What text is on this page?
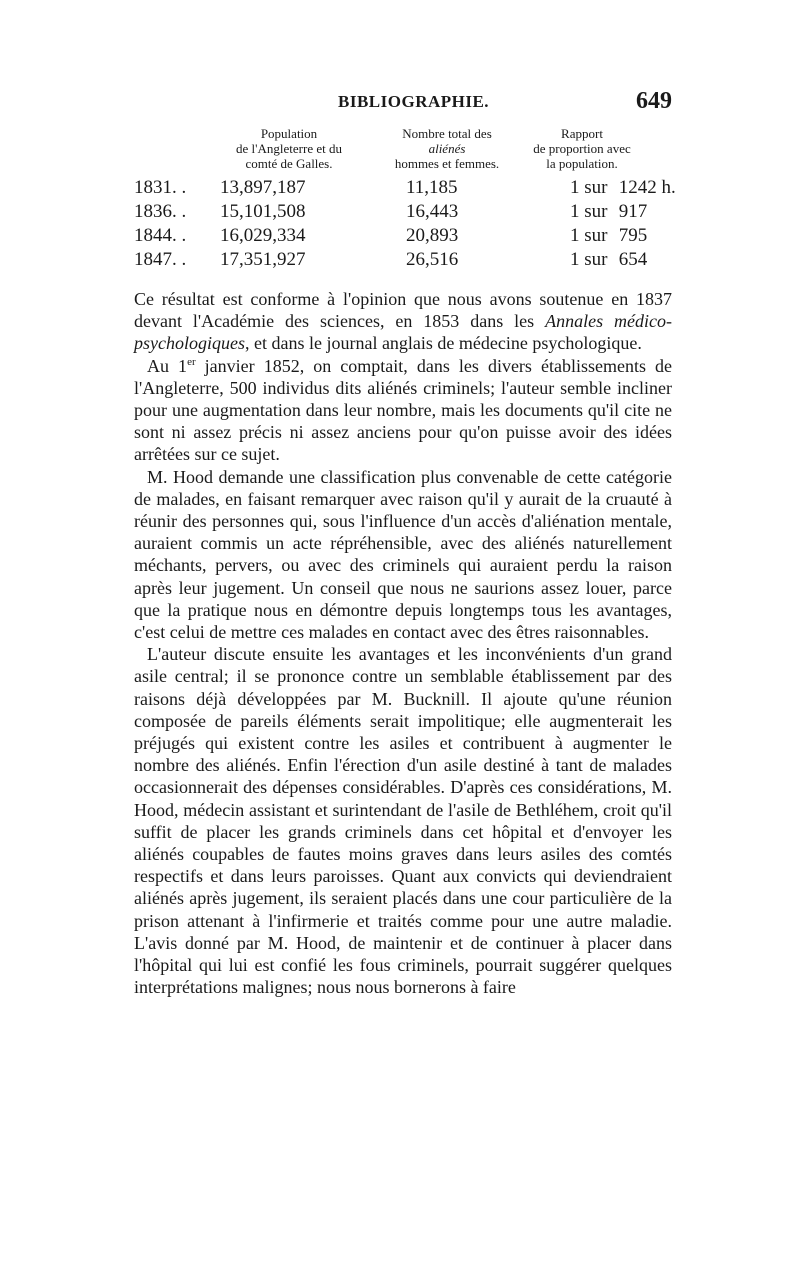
BIBLIOGRAPHIE.	649
Population
de l'Angleterre et du
comté de Galles.
Nombre total des
aliénés
hommes et femmes.
Rapport
de proportion avec
la population.
1831. .	13,897,187	11,185	1 sur 1242 h.
1836. .	15,101,508	16,443	1 sur 917
1844. .	16,029,334	20,893	1 sur 795
1847. .	17,351,927	26,516	1 sur 654

Ce résultat est conforme à l'opinion que nous avons soutenue en 1837 devant l'Académie des sciences, en 1853 dans les Annales médico-psychologiques, et dans le journal anglais de médecine psychologique.

Au 1er janvier 1852, on comptait, dans les divers établissements de l'Angleterre, 500 individus dits aliénés criminels; l'auteur semble incliner pour une augmentation dans leur nombre, mais les documents qu'il cite ne sont ni assez précis ni assez anciens pour qu'on puisse avoir des idées arrêtées sur ce sujet.

M. Hood demande une classification plus convenable de cette catégorie de malades, en faisant remarquer avec raison qu'il y aurait de la cruauté à réunir des personnes qui, sous l'influence d'un accès d'aliénation mentale, auraient commis un acte répréhensible, avec des aliénés naturellement méchants, pervers, ou avec des criminels qui auraient perdu la raison après leur jugement. Un conseil que nous ne saurions assez louer, parce que la pratique nous en démontre depuis longtemps tous les avantages, c'est celui de mettre ces malades en contact avec des êtres raisonnables.

L'auteur discute ensuite les avantages et les inconvénients d'un grand asile central; il se prononce contre un semblable établissement par des raisons déjà développées par M. Bucknill. Il ajoute qu'une réunion composée de pareils éléments serait impolitique; elle augmenterait les préjugés qui existent contre les asiles et contribuent à augmenter le nombre des aliénés. Enfin l'érection d'un asile destiné à tant de malades occasionnerait des dépenses considérables. D'après ces considérations, M. Hood, médecin assistant et surintendant de l'asile de Bethléhem, croit qu'il suffit de placer les grands criminels dans cet hôpital et d'envoyer les aliénés coupables de fautes moins graves dans leurs asiles des comtés respectifs et dans leurs paroisses. Quant aux convicts qui deviendraient aliénés après jugement, ils seraient placés dans une cour particulière de la prison attenant à l'infirmerie et traités comme pour une autre maladie. L'avis donné par M. Hood, de maintenir et de continuer à placer dans l'hôpital qui lui est confié les fous criminels, pourrait suggérer quelques interprétations malignes; nous nous bornerons à faire
